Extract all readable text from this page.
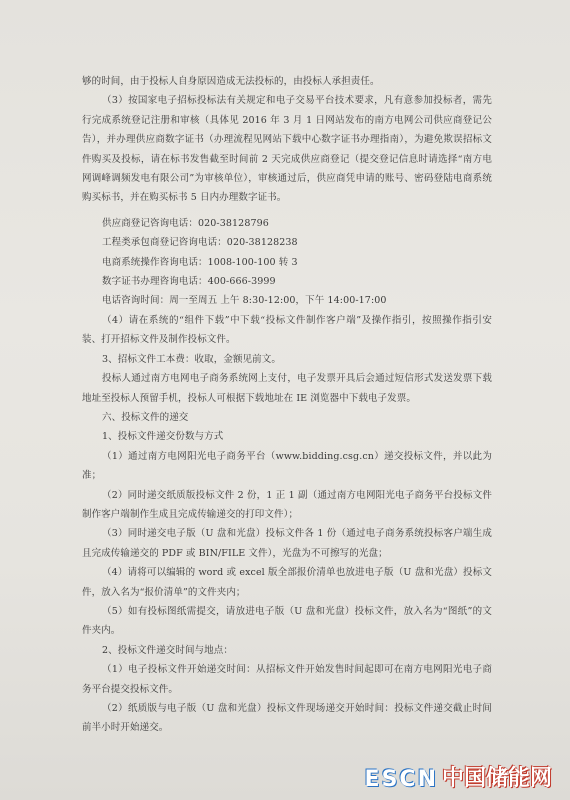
够的时间，由于投标人自身原因造成无法投标的，由投标人承担责任。

（3）按国家电子招标投标法有关规定和电子交易平台技术要求，凡有意参加投标者，需先行完成系统登记注册和审核（具体见 2016 年 3 月 1 日网站发布的南方电网公司供应商登记公告），并办理供应商数字证书（办理流程见网站下载中心数字证书办理指南），为避免欺误招标文件购买及投标，请在标书发售截至时间前 2 天完成供应商登记（提交登记信息时请选择“南方电网调峰调频发电有限公司”为审核单位），审核通过后，供应商凭申请的账号、密码登陆电商系统购买标书，并在购买标书 5 日内办理数字证书。

供应商登记咨询电话：020-38128796

工程类承包商登记咨询电话：020-38128238

电商系统操作咨询电话：1008-100-100 转 3

数字证书办理咨询电话：400-666-3999

电话咨询时间：周一至周五 上午 8:30-12:00，下午 14:00-17:00

（4）请在系统的“组件下载”中下载“投标文件制作客户端”及操作指引，按照操作指引安装、打开招标文件及制作投标文件。

3、招标文件工本费：收取，金额见前文。

投标人通过南方电网电子商务系统网上支付，电子发票开具后会通过短信形式发送发票下载地址至投标人预留手机，投标人可根据下载地址在 IE 浏览器中下载电子发票。

六、投标文件的递交

1、投标文件递交份数与方式

（1）通过南方电网阳光电子商务平台（www.bidding.csg.cn）递交投标文件，并以此为准；

（2）同时递交纸质版投标文件 2 份，1 正 1 副（通过南方电网阳光电子商务平台投标文件制作客户端制作生成且完成传输递交的打印文件）；

（3）同时递交电子版（U 盘和光盘）投标文件各 1 份（通过电子商务系统投标客户端生成且完成传输递交的 PDF 或 BIN/FILE 文件），光盘为不可擦写的光盘；

（4）请将可以编辑的 word 或 excel 版全部报价清单也放进电子版（U 盘和光盘）投标文件，放入名为“报价清单”的文件夹内；

（5）如有投标图纸需提交，请放进电子版（U 盘和光盘）投标文件，放入名为“图纸”的文件夹内。

2、投标文件递交时间与地点：

（1）电子投标文件开始递交时间：从招标文件开始发售时间起即可在南方电网阳光电子商务平台提交投标文件。

（2）纸质版与电子版（U 盘和光盘）投标文件现场递交开始时间：投标文件递交截止时间前半小时开始递交。

ESCN 中国储能网
